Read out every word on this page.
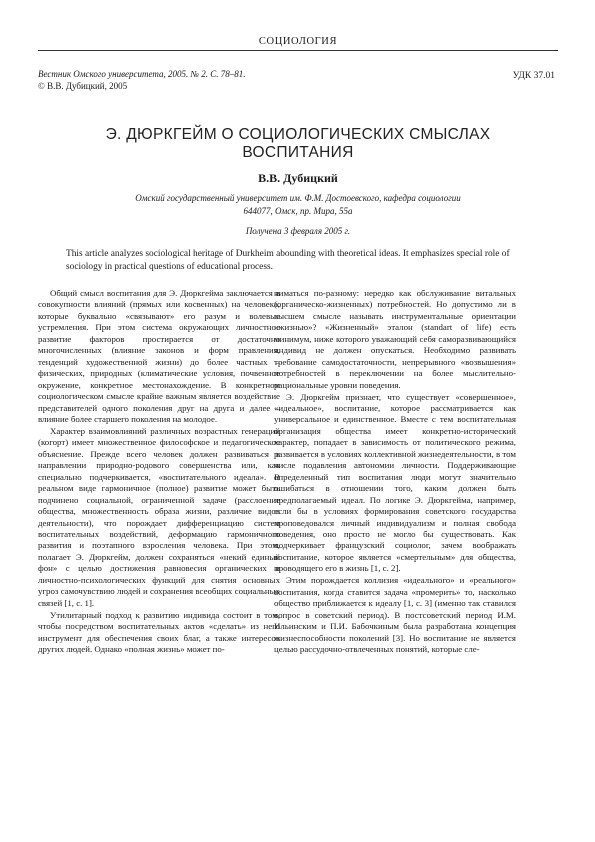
СОЦИОЛОГИЯ
Вестник Омского университета, 2005. № 2. С. 78–81.
© В.В. Дубицкий, 2005
УДК 37.01
Э. ДЮРКГЕЙМ О СОЦИОЛОГИЧЕСКИХ СМЫСЛАХ
ВОСПИТАНИЯ
В.В. Дубицкий
Омский государственный университет им. Ф.М. Достоевского, кафедра социологии
644077, Омск, пр. Мира, 55а
Получена 3 февраля 2005 г.
This article analyzes sociological heritage of Durkheim abounding with theoretical ideas. It emphasizes special role of sociology in practical questions of educational process.

Общий смысл воспитания для Э. Дюркгейма заключается в совокупности влияний (прямых или косвенных) на человека, которые буквально «связывают» его разум и волевые устремления. При этом система окружающих личностное развитие факторов простирается от достаточно многочисленных (влияние законов и форм правления, тенденций художественной жизни) до более частных – физических, природных (климатические условия, почвенное окружение, конкретное местонахождение. В конкретном социологическом смысле крайне важным является воздействие представителей одного поколения друг на друга и далее – влияние более старшего поколения на молодое.

Характер взаимовлияний различных возрастных генераций (когорт) имеет множественное философское и педагогическое объяснение. Прежде всего человек должен развиваться в направлении природно-родового совершенства или, как специально подчеркивается, «воспитательного идеала». В реальном виде гармоничное (полное) развитие может быть подчинено социальной, ограниченной задаче (расслоение общества, множественность образа жизни, различие видов деятельности), что порождает дифференциацию систем воспитательных воздействий, деформацию гармоничного развития и поэтапного взросления человека. При этом, полагает Э. Дюркгейм, должен сохраняться «некий единый фон» с целью достижения равновесия органических и личностно-психологических функций для снятия основных угроз самочувствию людей и сохранения всеобщих социальных связей [1, с. 1].

Утилитарный подход к развитию индивида состоит в том, чтобы посредством воспитательных актов «сделать» из него инструмент для обеспечения своих благ, а также интересов других людей. Однако «полная жизнь» может по-

ниматься по-разному: нередко как обслуживание витальных (органическо-жизненных) потребностей. Но допустимо ли в высшем смысле называть инструментальные ориентации «жизнью»? «Жизненный» эталон (standart of life) есть минимум, ниже которого уважающий себя саморазвивающийся индивид не должен опускаться. Необходимо развивать требование самодостаточности, непрерывного «возвышения» потребностей в переключении на более мыслительно-рациональные уровни поведения.

Э. Дюркгейм признает, что существует «совершенное», «идеальное», воспитание, которое рассматривается как универсальное и единственное. Вместе с тем воспитательная организация общества имеет конкретно-исторический характер, попадает в зависимость от политического режима, развивается в условиях коллективной жизнедеятельности, в том числе подавления автономии личности. Поддерживающие определенный тип воспитания люди могут значительно ошибаться в отношении того, каким должен быть предполагаемый идеал. По логике Э. Дюркгейма, например, если бы в условиях формирования советского государства проповедовался личный индивидуализм и полная свобода поведения, оно просто не могло бы существовать. Как подчеркивает французский социолог, зачем воображать воспитание, которое является «смертельным» для общества, проводящего его в жизнь [1, с. 2].

Этим порождается коллизия «идеального» и «реального» воспитания, когда ставится задача «промерить» то, насколько общество приближается к идеалу [1, с. 3] (именно так ставился вопрос в советский период). В постсоветский период И.М. Ильинским и П.И. Бабочкиным была разработана концепция жизнеспособности поколений [3]. Но воспитание не является целью рассудочно-отвлеченных понятий, которые сле-
